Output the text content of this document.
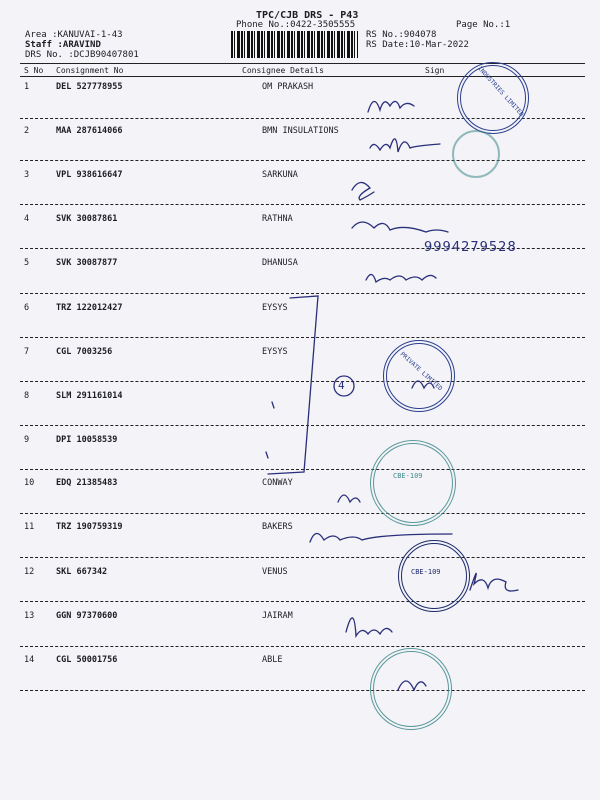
TPC/CJB DRS - P43
Phone No.:0422-3505555	Page No.:1
Area :KANUVAI-1-43
Staff :ARAVIND
DRS No. :DCJB90407801
RS No.:904078
RS Date:10-Mar-2022
S No Consignment No	Consignee Details	Sign
1	DEL 527778955	OM PRAKASH
2	MAA 287614066	BMN INSULATIONS
3	VPL 938616647	SARKUNA
4	SVK 30087861	RATHNA
5	SVK 30087877	DHANUSA
6	TRZ 122012427	EYSYS
7	CGL 7003256	EYSYS
8	SLM 291161014
9	DPI 10058539
10	EDQ 21385483	CONWAY
11	TRZ 190759319	BAKERS
12	SKL 667342	VENUS
13	GGN 97370600	JAIRAM
14	CGL 50001756	ABLE
INDUSTRIES LIMITED
PRIVATE LIMITED
CBE-109
CBE-109
4
9994279528
